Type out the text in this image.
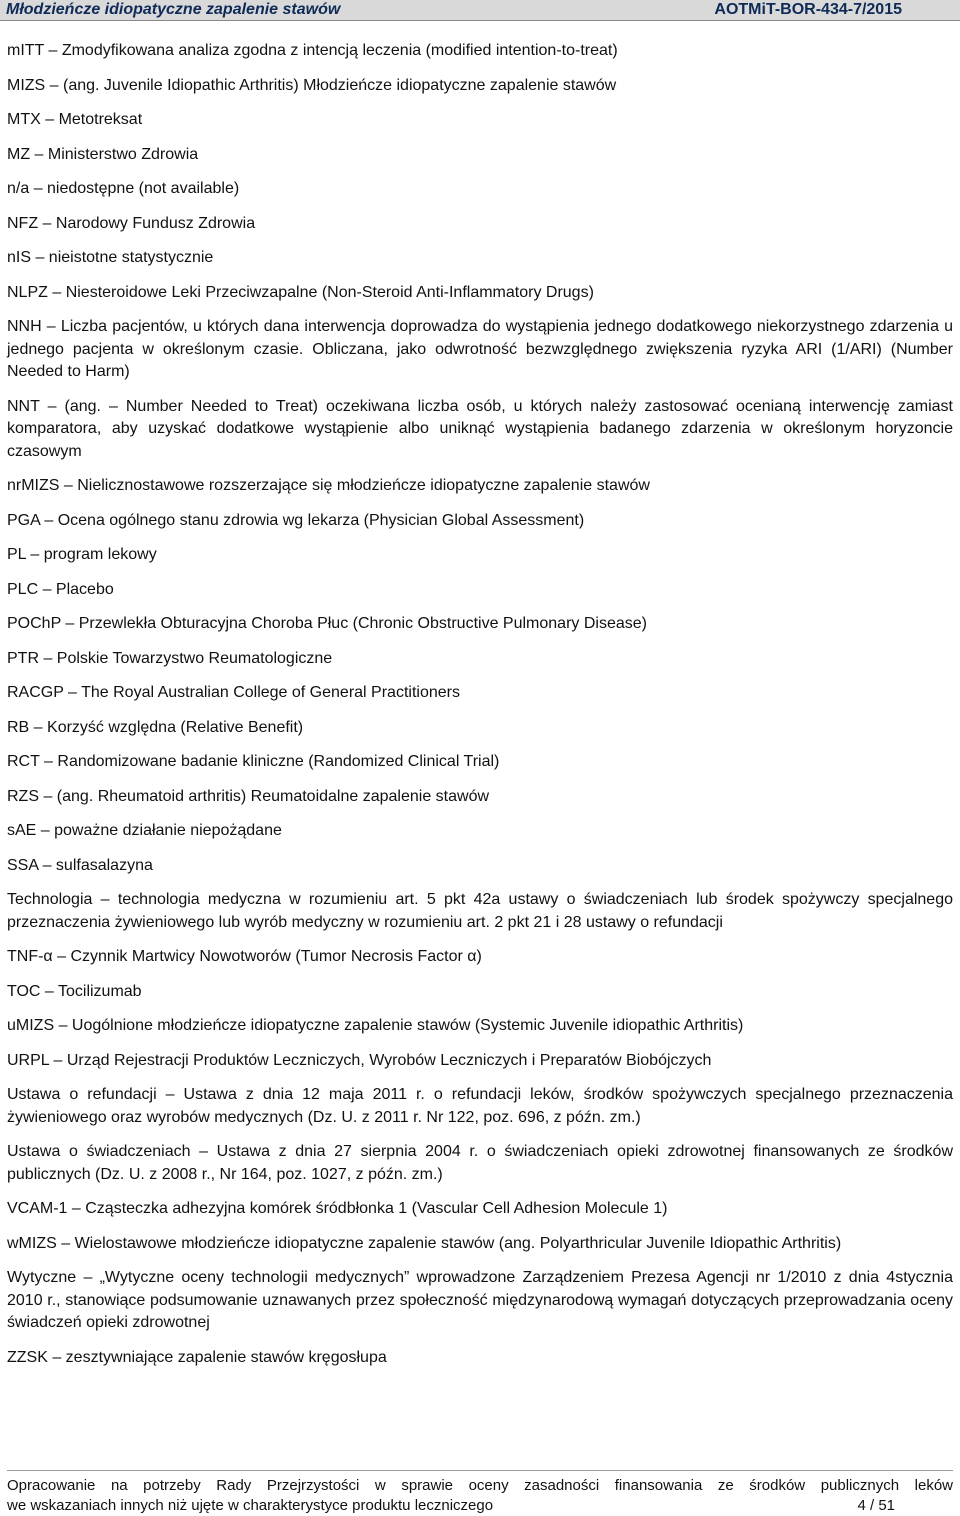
Młodzieńcze idiopatyczne zapalenie stawów	AOTMiT-BOR-434-7/2015
mITT – Zmodyfikowana analiza zgodna z intencją leczenia (modified intention-to-treat)
MIZS – (ang. Juvenile Idiopathic Arthritis) Młodzieńcze idiopatyczne zapalenie stawów
MTX – Metotreksat
MZ – Ministerstwo Zdrowia
n/a – niedostępne (not available)
NFZ – Narodowy Fundusz Zdrowia
nIS – nieistotne statystycznie
NLPZ – Niesteroidowe Leki Przeciwzapalne (Non-Steroid Anti-Inflammatory Drugs)
NNH – Liczba pacjentów, u których dana interwencja doprowadza do wystąpienia jednego dodatkowego niekorzystnego zdarzenia u jednego pacjenta w określonym czasie. Obliczana, jako odwrotność bezwzględnego zwiększenia ryzyka ARI (1/ARI) (Number Needed to Harm)
NNT – (ang. – Number Needed to Treat) oczekiwana liczba osób, u których należy zastosować ocenianą interwencję zamiast komparatora, aby uzyskać dodatkowe wystąpienie albo uniknąć wystąpienia badanego zdarzenia w określonym horyzoncie czasowym
nrMIZS – Nielicznostawowe rozszerzające się młodzieńcze idiopatyczne zapalenie stawów
PGA – Ocena ogólnego stanu zdrowia wg lekarza (Physician Global Assessment)
PL – program lekowy
PLC – Placebo
POChP – Przewlekła Obturacyjna Choroba Płuc (Chronic Obstructive Pulmonary Disease)
PTR – Polskie Towarzystwo Reumatologiczne
RACGP – The Royal Australian College of General Practitioners
RB – Korzyść względna (Relative Benefit)
RCT – Randomizowane badanie kliniczne (Randomized Clinical Trial)
RZS – (ang. Rheumatoid arthritis) Reumatoidalne zapalenie stawów
sAE – poważne działanie niepożądane
SSA – sulfasalazyna
Technologia – technologia medyczna w rozumieniu art. 5 pkt 42a ustawy o świadczeniach lub środek spożywczy specjalnego przeznaczenia żywieniowego lub wyrób medyczny w rozumieniu art. 2 pkt 21 i 28 ustawy o refundacji
TNF-α – Czynnik Martwicy Nowotworów (Tumor Necrosis Factor α)
TOC – Tocilizumab
uMIZS – Uogólnione młodzieńcze idiopatyczne zapalenie stawów (Systemic Juvenile idiopathic Arthritis)
URPL – Urząd Rejestracji Produktów Leczniczych, Wyrobów Leczniczych i Preparatów Biobójczych
Ustawa o refundacji – Ustawa z dnia 12 maja 2011 r. o refundacji leków, środków spożywczych specjalnego przeznaczenia żywieniowego oraz wyrobów medycznych (Dz. U. z 2011 r. Nr 122, poz. 696, z późn. zm.)
Ustawa o świadczeniach – Ustawa z dnia 27 sierpnia 2004 r. o świadczeniach opieki zdrowotnej finansowanych ze środków publicznych (Dz. U. z 2008 r., Nr 164, poz. 1027, z późn. zm.)
VCAM-1 – Cząsteczka adhezyjna komórek śródbłonka 1 (Vascular Cell Adhesion Molecule 1)
wMIZS – Wielostawowe młodzieńcze idiopatyczne zapalenie stawów (ang. Polyarthricular Juvenile Idiopathic Arthritis)
Wytyczne – „Wytyczne oceny technologii medycznych” wprowadzone Zarządzeniem Prezesa Agencji nr 1/2010 z dnia 4stycznia 2010 r., stanowiące podsumowanie uznawanych przez społeczność międzynarodową wymagań dotyczących przeprowadzania oceny świadczeń opieki zdrowotnej
ZZSK – zesztywniające zapalenie stawów kręgosłupa
Opracowanie na potrzeby Rady Przejrzystości w sprawie oceny zasadności finansowania ze środków publicznych leków
we wskazaniach innych niż ujęte w charakterystyce produktu leczniczego	4 / 51
